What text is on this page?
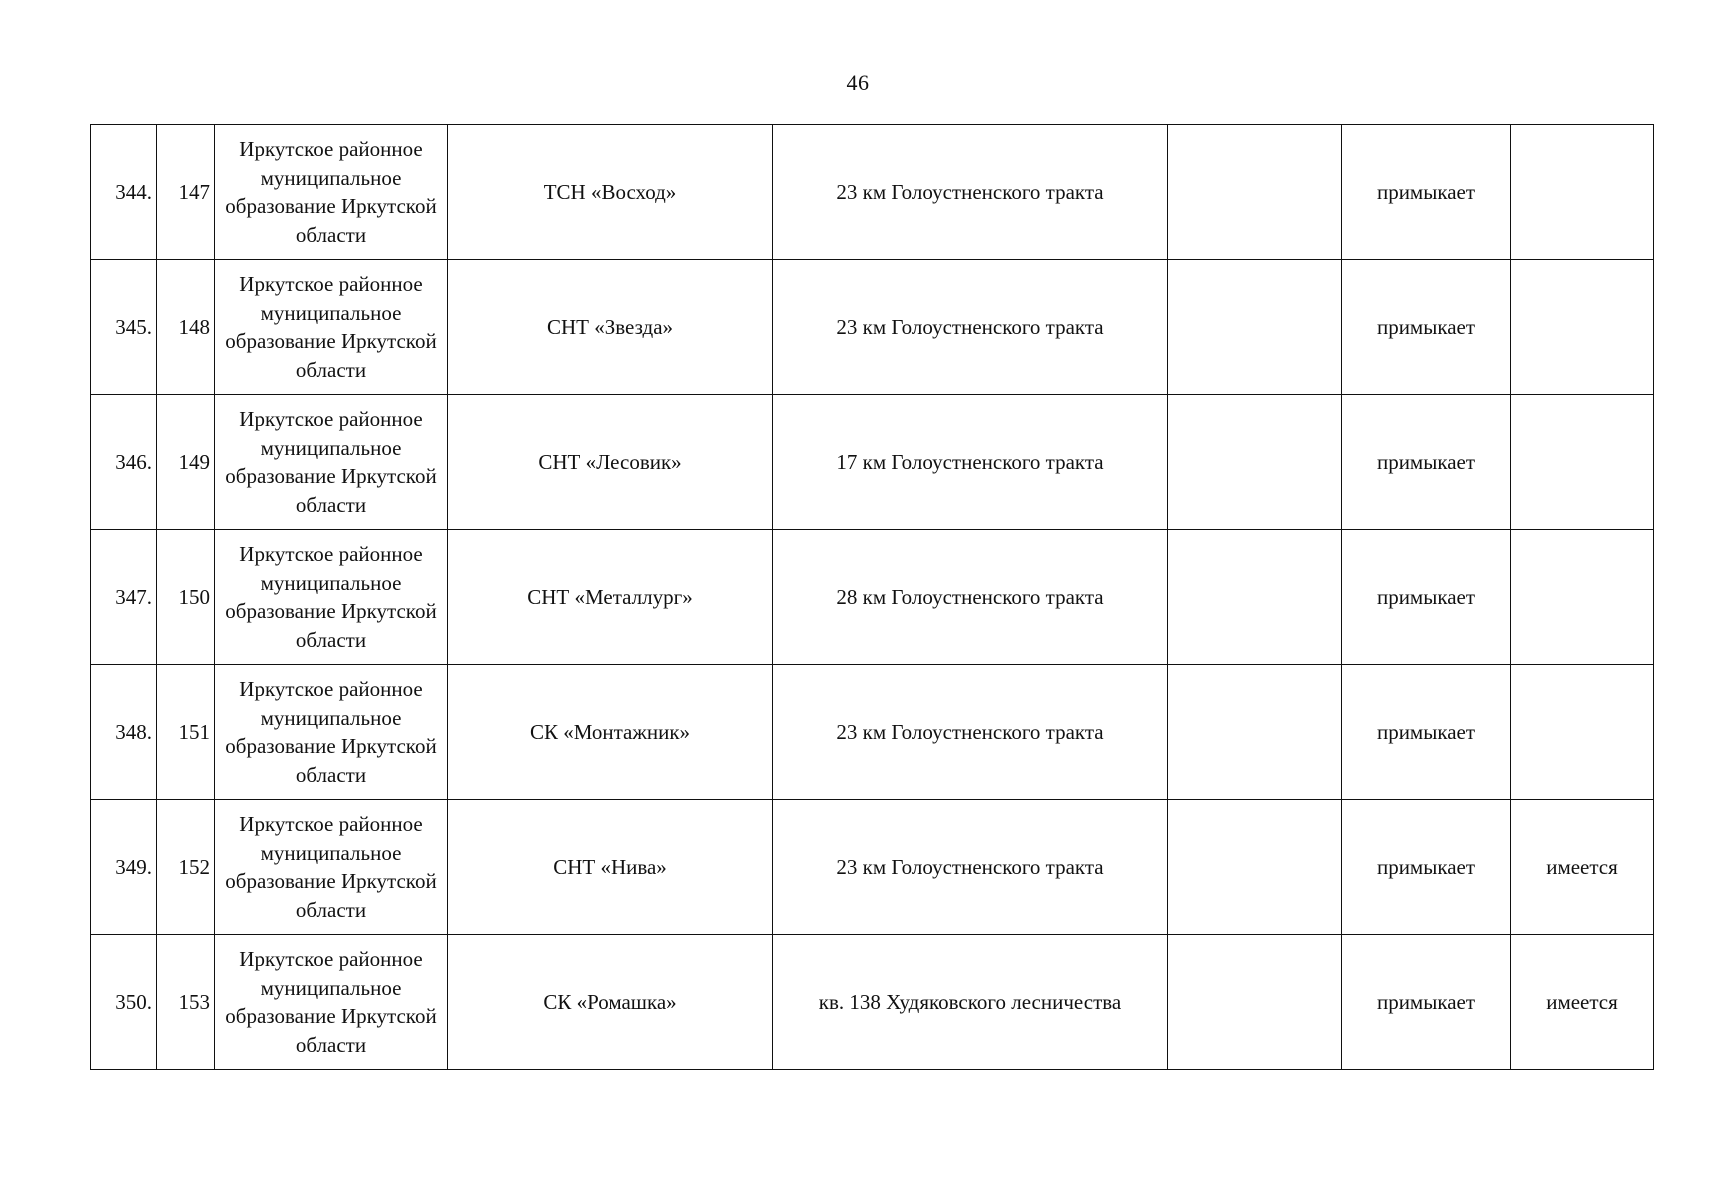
46
344.	147	Иркутское районное муниципальное образование Иркутской области	ТСН «Восход»	23 км Голоустненского тракта		примыкает	
345.	148	Иркутское районное муниципальное образование Иркутской области	СНТ «Звезда»	23 км Голоустненского тракта		примыкает	
346.	149	Иркутское районное муниципальное образование Иркутской области	СНТ «Лесовик»	17 км Голоустненского тракта		примыкает	
347.	150	Иркутское районное муниципальное образование Иркутской области	СНТ «Металлург»	28 км Голоустненского тракта		примыкает	
348.	151	Иркутское районное муниципальное образование Иркутской области	СК «Монтажник»	23 км Голоустненского тракта		примыкает	
349.	152	Иркутское районное муниципальное образование Иркутской области	СНТ «Нива»	23 км Голоустненского тракта		примыкает	имеется
350.	153	Иркутское районное муниципальное образование Иркутской области	СК «Ромашка»	кв. 138 Худяковского лесничества		примыкает	имеется
